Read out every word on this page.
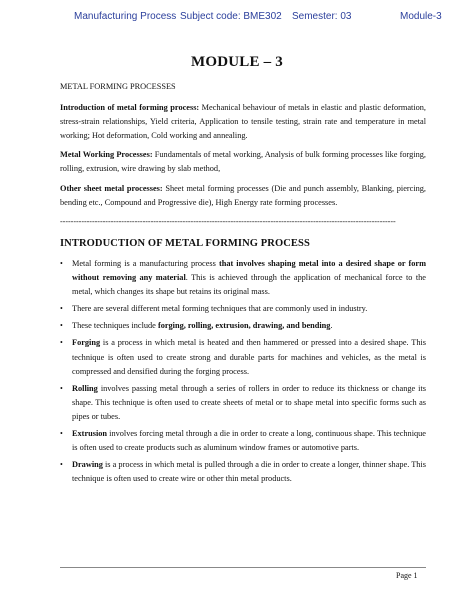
Manufacturing Process Subject code: BME302 Semester: 03	Module-3
MODULE – 3

METAL FORMING PROCESSES

Introduction of metal forming process: Mechanical behaviour of metals in elastic and plastic deformation, stress-strain relationships, Yield criteria, Application to tensile testing, strain rate and temperature in metal working; Hot deformation, Cold working and annealing.

Metal Working Processes: Fundamentals of metal working, Analysis of bulk forming processes like forging, rolling, extrusion, wire drawing by slab method,

Other sheet metal processes: Sheet metal forming processes (Die and punch assembly, Blanking, piercing, bending etc., Compound and Progressive die), High Energy rate forming processes.

------------------------------------------------------------------------------------------------------------------------------

INTRODUCTION OF METAL FORMING PROCESS

• Metal forming is a manufacturing process that involves shaping metal into a desired shape or form without removing any material. This is achieved through the application of mechanical force to the metal, which changes its shape but retains its original mass.
• There are several different metal forming techniques that are commonly used in industry.
• These techniques include forging, rolling, extrusion, drawing, and bending.
• Forging is a process in which metal is heated and then hammered or pressed into a desired shape. This technique is often used to create strong and durable parts for machines and vehicles, as the metal is compressed and densified during the forging process.
• Rolling involves passing metal through a series of rollers in order to reduce its thickness or change its shape. This technique is often used to create sheets of metal or to shape metal into specific forms such as pipes or tubes.
• Extrusion involves forcing metal through a die in order to create a long, continuous shape. This technique is often used to create products such as aluminum window frames or automotive parts.
• Drawing is a process in which metal is pulled through a die in order to create a longer, thinner shape. This technique is often used to create wire or other thin metal products.
Page 1
